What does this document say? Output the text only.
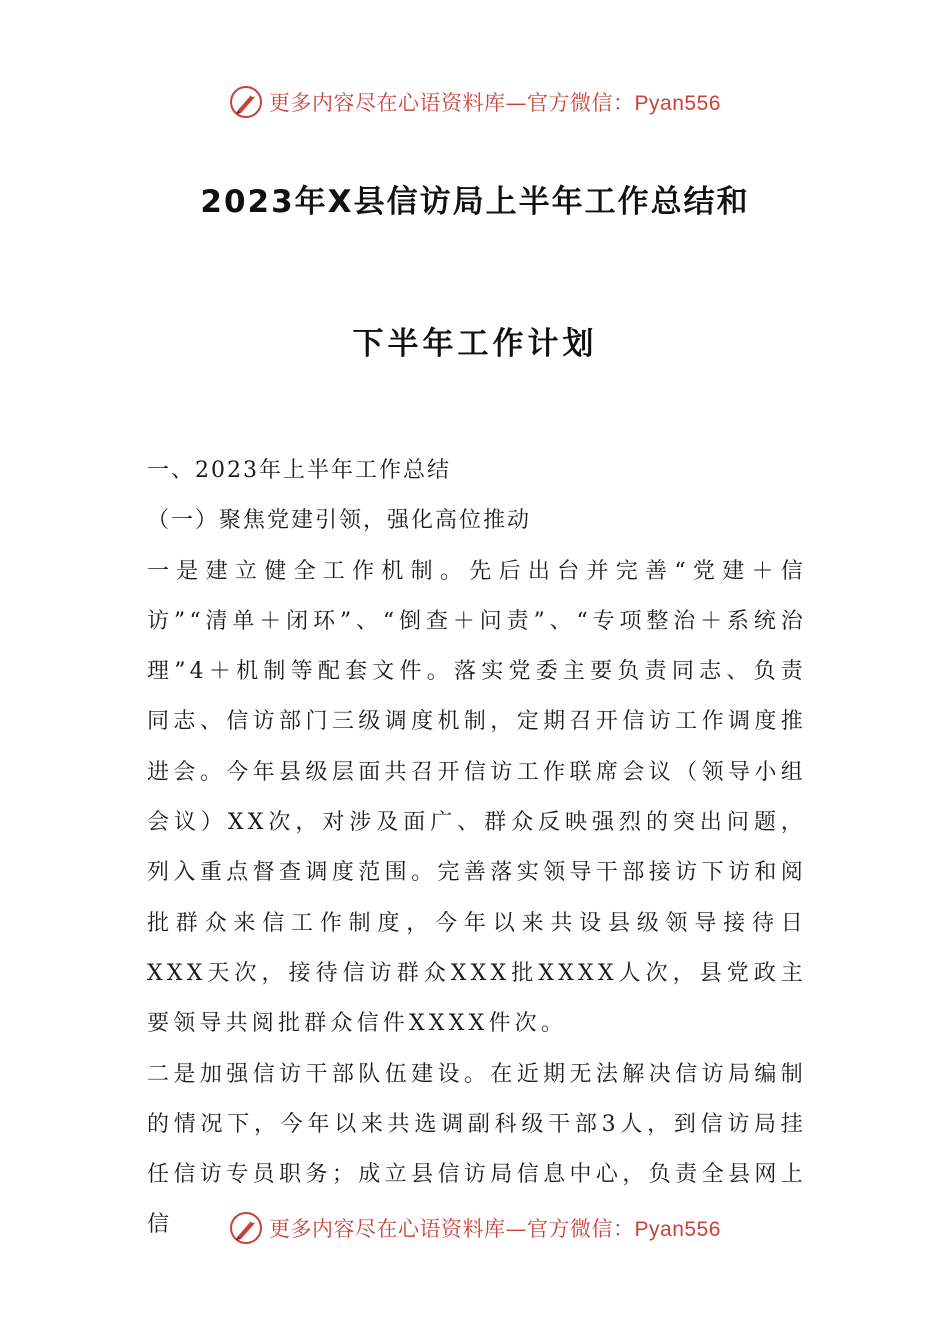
更多内容尽在心语资料库—官方微信：Pyan556
2023年X县信访局上半年工作总结和
下半年工作计划

一、2023年上半年工作总结

（一）聚焦党建引领，强化高位推动

一是建立健全工作机制。先后出台并完善“党建＋信访”“清单＋闭环”、“倒查＋问责”、“专项整治＋系统治理”4＋机制等配套文件。落实党委主要负责同志、负责同志、信访部门三级调度机制，定期召开信访工作调度推进会。今年县级层面共召开信访工作联席会议（领导小组会议）XX次，对涉及面广、群众反映强烈的突出问题，列入重点督查调度范围。完善落实领导干部接访下访和阅批群众来信工作制度，今年以来共设县级领导接待日XXX天次，接待信访群众XXX批XXXX人次，县党政主要领导共阅批群众信件XXXX件次。

二是加强信访干部队伍建设。在近期无法解决信访局编制的情况下，今年以来共选调副科级干部3人，到信访局挂任信访专员职务；成立县信访局信息中心，负责全县网上信	更多内容尽在心语资料库—官方微信：Pyan556
